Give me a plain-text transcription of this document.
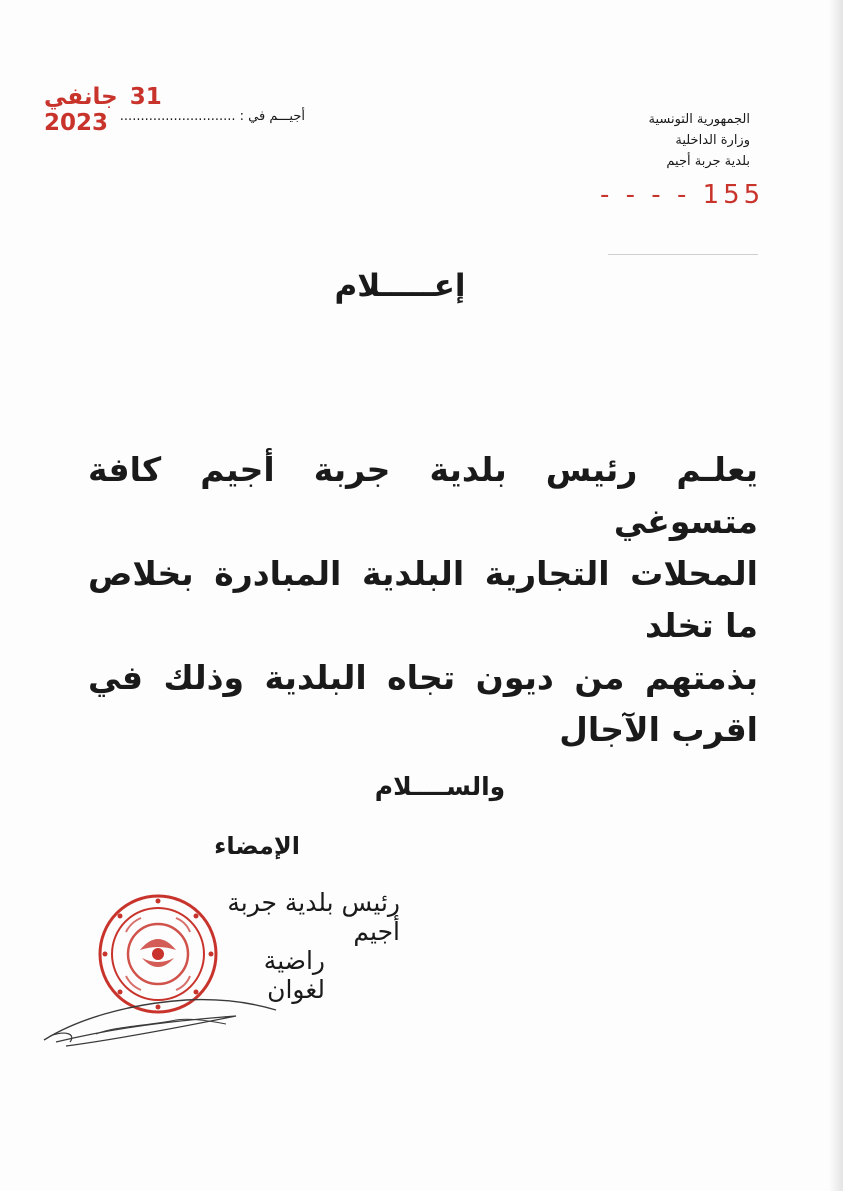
31 جانفي 2023	أجيـــم في : ............................	الجمهورية التونسية
وزارة الداخلية
بلدية جربة أجيم
- - - - 155
إعـــــلام
يعلـم رئيس بلدية جربة أجيم كافة متسوغي
المحلات التجارية البلدية المبادرة بخلاص ما تخلد
بذمتهم من ديون تجاه البلدية وذلك في اقرب الآجال
والســــلام
الإمضاء
رئيس بلدية جربة أجيم
راضية لغوان
